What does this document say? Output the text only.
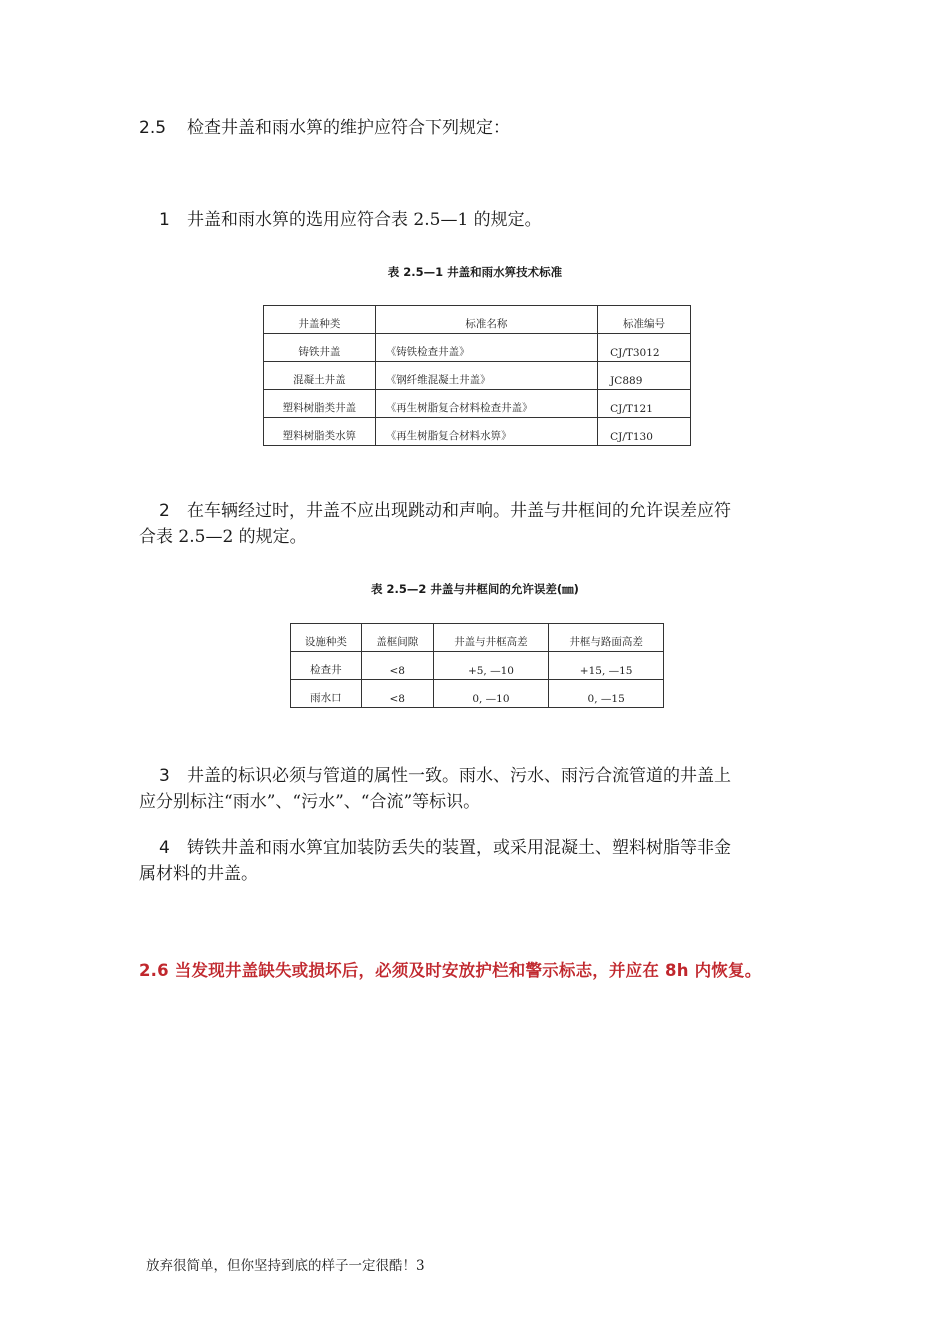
2.5 检查井盖和雨水箅的维护应符合下列规定：
1 井盖和雨水箅的选用应符合表 2.5—1 的规定。
表 2.5—1 井盖和雨水箅技术标准
井盖种类	标准名称	标准编号
铸铁井盖	《铸铁检查井盖》	CJ/T3012
混凝土井盖	《钢纤维混凝土井盖》	JC889
塑料树脂类井盖	《再生树脂复合材料检查井盖》	CJ/T121
塑料树脂类水箅	《再生树脂复合材料水箅》	CJ/T130
2 在车辆经过时，井盖不应出现跳动和声响。井盖与井框间的允许误差应符
合表 2.5—2 的规定。
表 2.5—2 井盖与井框间的允许误差(㎜)
设施种类	盖框间隙	井盖与井框高差	井框与路面高差
检查井	<8	+5, —10	+15, —15
雨水口	<8	0, —10	0, —15
3 井盖的标识必须与管道的属性一致。雨水、污水、雨污合流管道的井盖上
应分别标注“雨水”、“污水”、“合流”等标识。
4 铸铁井盖和雨水箅宜加装防丢失的装置，或采用混凝土、塑料树脂等非金
属材料的井盖。
2.6 当发现井盖缺失或损坏后，必须及时安放护栏和警示标志，并应在 8h 内恢复。
放弃很简单，但你坚持到底的样子一定很酷！3
